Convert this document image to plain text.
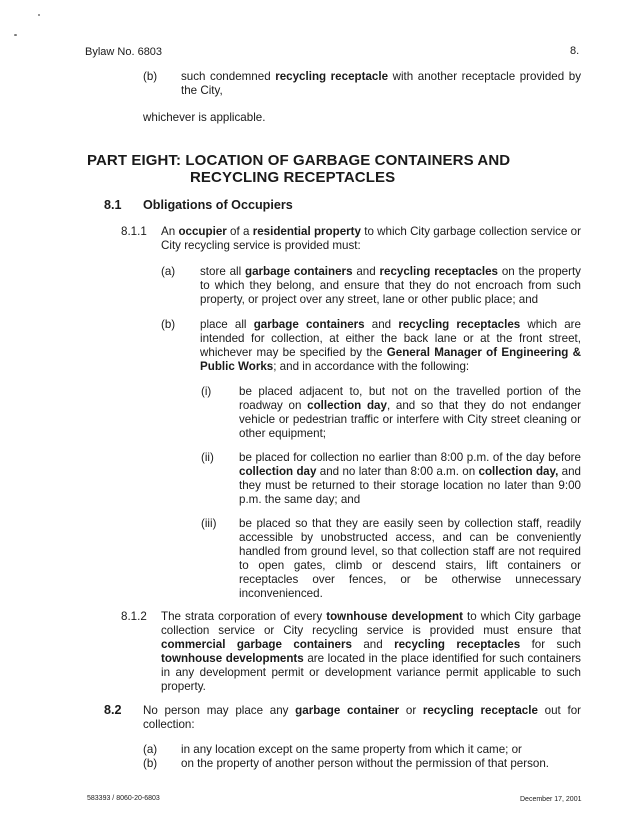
Bylaw No. 6803	8.
(b) such condemned recycling receptacle with another receptacle provided by the City,
whichever is applicable.
PART EIGHT: LOCATION OF GARBAGE CONTAINERS AND
RECYCLING RECEPTACLES
8.1 Obligations of Occupiers
8.1.1 An occupier of a residential property to which City garbage collection service or City recycling service is provided must:
(a) store all garbage containers and recycling receptacles on the property to which they belong, and ensure that they do not encroach from such property, or project over any street, lane or other public place; and
(b) place all garbage containers and recycling receptacles which are intended for collection, at either the back lane or at the front street, whichever may be specified by the General Manager of Engineering & Public Works; and in accordance with the following:
(i) be placed adjacent to, but not on the travelled portion of the roadway on collection day, and so that they do not endanger vehicle or pedestrian traffic or interfere with City street cleaning or other equipment;
(ii) be placed for collection no earlier than 8:00 p.m. of the day before collection day and no later than 8:00 a.m. on collection day, and they must be returned to their storage location no later than 9:00 p.m. the same day; and
(iii) be placed so that they are easily seen by collection staff, readily accessible by unobstructed access, and can be conveniently handled from ground level, so that collection staff are not required to open gates, climb or descend stairs, lift containers or receptacles over fences, or be otherwise unnecessary inconvenienced.
8.1.2 The strata corporation of every townhouse development to which City garbage collection service or City recycling service is provided must ensure that commercial garbage containers and recycling receptacles for such townhouse developments are located in the place identified for such containers in any development permit or development variance permit applicable to such property.
8.2 No person may place any garbage container or recycling receptacle out for collection:
(a) in any location except on the same property from which it came; or
(b) on the property of another person without the permission of that person.
583393 / 8060-20-6803	December 17, 2001
